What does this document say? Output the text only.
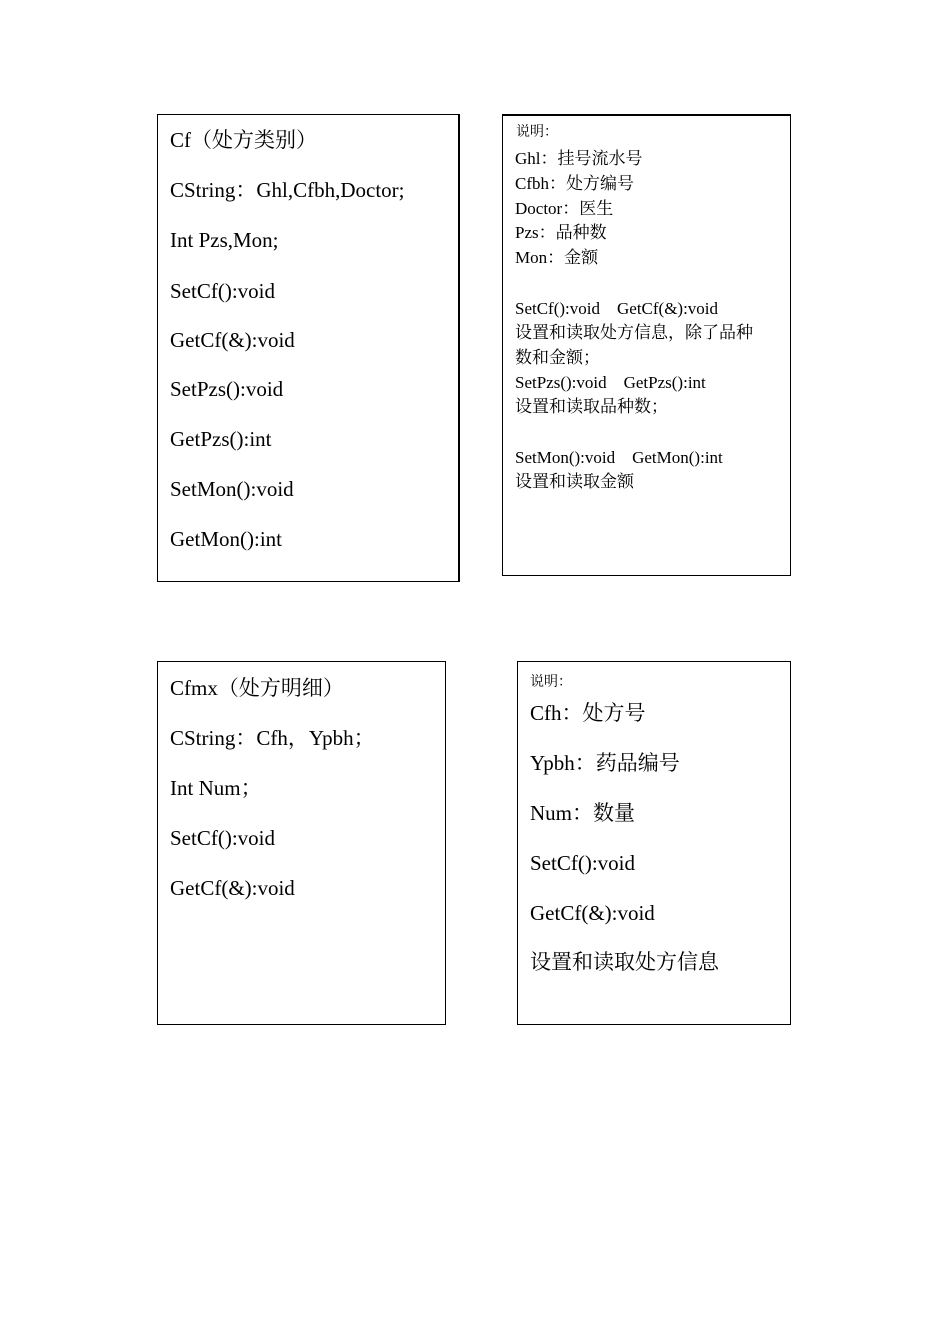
Cf（处方类别）
CString：Ghl,Cfbh,Doctor;
Int Pzs,Mon;
SetCf():void
GetCf(&):void
SetPzs():void
GetPzs():int
SetMon():void
GetMon():int
说明：
Ghl：挂号流水号
Cfbh：处方编号
Doctor：医生
Pzs：品种数
Mon：金额
SetCf():void    GetCf(&):void
设置和读取处方信息，除了品种
数和金额；
SetPzs():void    GetPzs():int
设置和读取品种数；
SetMon():void    GetMon():int
设置和读取金额
Cfmx（处方明细）
CString：Cfh，Ypbh；
Int Num；
SetCf():void
GetCf(&):void
说明：
Cfh：处方号
Ypbh：药品编号
Num：数量
SetCf():void
GetCf(&):void
设置和读取处方信息
